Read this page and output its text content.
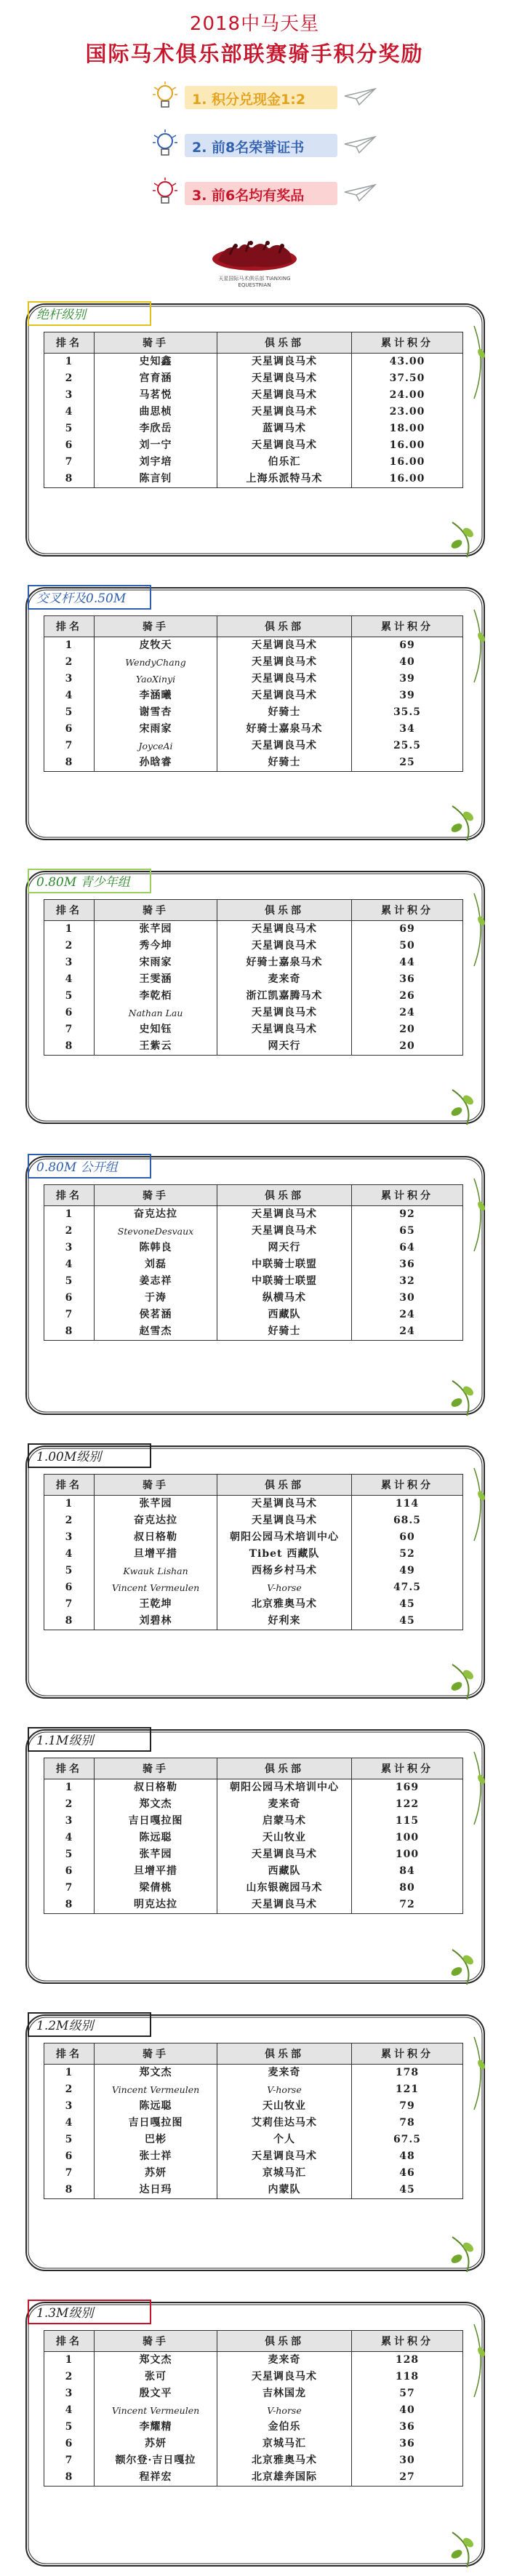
2018中马天星
国际马术俱乐部联赛骑手积分奖励
1. 积分兑现金1:2
2. 前8名荣誉证书
3. 前6名均有奖品
天星国际马术俱乐部 TIANXING EQUESTRIAN
绝杆级别
排名	骑手	俱乐部	累计积分
1	史知鑫	天星调良马术	43.00
2	宫育涵	天星调良马术	37.50
3	马茗悦	天星调良马术	24.00
4	曲思桢	天星调良马术	23.00
5	李欣岳	蓝调马术	18.00
6	刘一宁	天星调良马术	16.00
7	刘宇培	伯乐汇	16.00
8	陈言钊	上海乐派特马术	16.00
交叉杆及0.50M
排名	骑手	俱乐部	累计积分
1	皮牧天	天星调良马术	69
2	WendyChang	天星调良马术	40
3	YaoXinyi	天星调良马术	39
4	李涵曦	天星调良马术	39
5	谢雪杏	好骑士	35.5
6	宋雨家	好骑士嘉泉马术	34
7	JoyceAi	天星调良马术	25.5
8	孙晗睿	好骑士	25
0.80M 青少年组
排名	骑手	俱乐部	累计积分
1	张芊园	天星调良马术	69
2	秀今坤	天星调良马术	50
3	宋雨家	好骑士嘉泉马术	44
4	王雯涵	麦来奇	36
5	李乾栢	浙江凯嘉腾马术	26
6	Nathan Lau	天星调良马术	24
7	史知钰	天星调良马术	20
8	王紫云	网天行	20
0.80M 公开组
排名	骑手	俱乐部	累计积分
1	奋克达拉	天星调良马术	92
2	StevoneDesvaux	天星调良马术	65
3	陈韩良	网天行	64
4	刘磊	中联骑士联盟	36
5	姜志祥	中联骑士联盟	32
6	于涛	纵横马术	30
7	侯茗涵	西藏队	24
8	赵雪杰	好骑士	24
1.00M级别
排名	骑手	俱乐部	累计积分
1	张芊园	天星调良马术	114
2	奋克达拉	天星调良马术	68.5
3	叔日格勒	朝阳公园马术培训中心	60
4	旦增平措	Tibet 西藏队	52
5	Kwauk Lishan	西杨乡村马术	49
6	Vincent Vermeulen	V-horse	47.5
7	王乾坤	北京雅奥马术	45
8	刘碧林	好利来	45
1.1M级别
排名	骑手	俱乐部	累计积分
1	叔日格勒	朝阳公园马术培训中心	169
2	郑文杰	麦来奇	122
3	吉日嘎拉图	启蒙马术	115
4	陈远聪	天山牧业	100
5	张芊园	天星调良马术	100
6	旦增平措	西藏队	84
7	梁倩桃	山东银碗园马术	80
8	明克达拉	天星调良马术	72
1.2M级别
排名	骑手	俱乐部	累计积分
1	郑文杰	麦来奇	178
2	Vincent Vermeulen	V-horse	121
3	陈远聪	天山牧业	79
4	吉日嘎拉图	艾莉佳达马术	78
5	巴彬	个人	67.5
6	张士祥	天星调良马术	48
7	苏妍	京城马汇	46
8	达日玛	内蒙队	45
1.3M级别
排名	骑手	俱乐部	累计积分
1	郑文杰	麦来奇	128
2	张可	天星调良马术	118
3	殷文平	吉林国龙	57
4	Vincent Vermeulen	V-horse	40
5	李耀精	金伯乐	36
6	苏妍	京城马汇	36
7	额尔登·吉日嘎拉	北京雅奥马术	30
8	程祥宏	北京雄奔国际	27
